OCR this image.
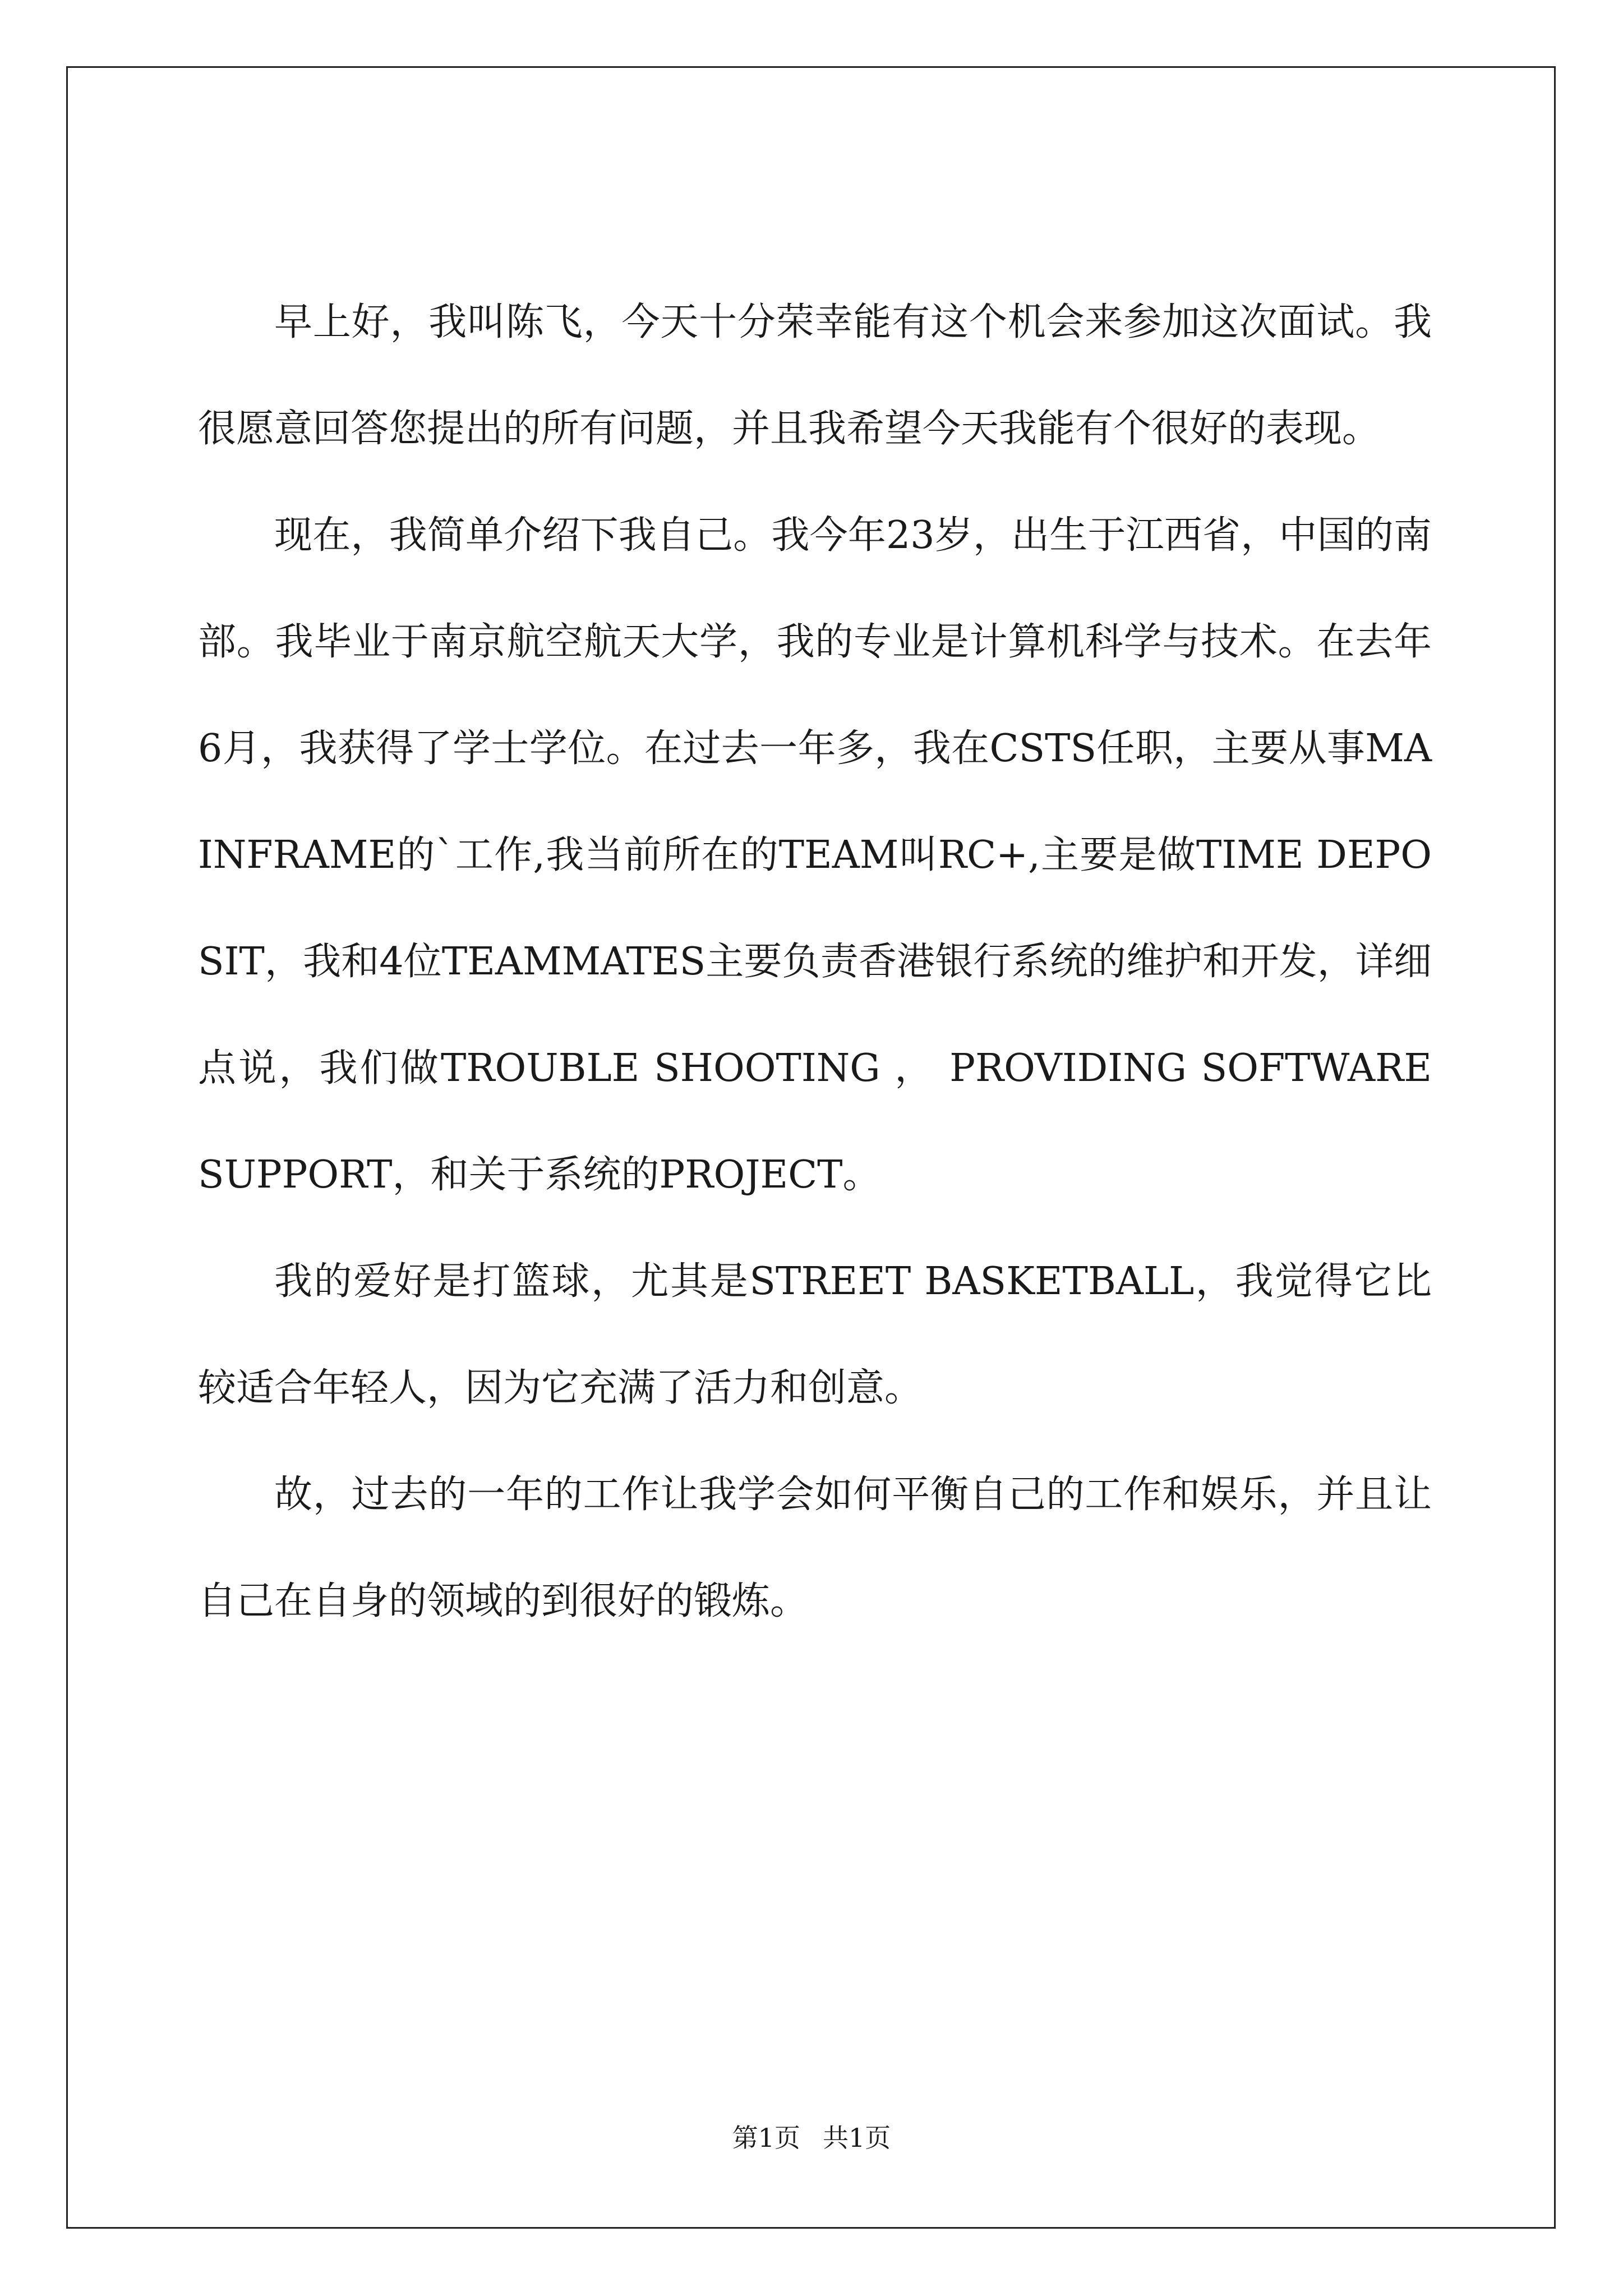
早上好，我叫陈飞，今天十分荣幸能有这个机会来参加这次面试。我很愿意回答您提出的所有问题，并且我希望今天我能有个很好的表现。

现在，我简单介绍下我自己。我今年23岁，出生于江西省，中国的南部。我毕业于南京航空航天大学，我的专业是计算机科学与技术。在去年6月，我获得了学士学位。在过去一年多，我在CSTS任职，主要从事MAINFRAME的`工作,我当前所在的TEAM叫RC+,主要是做TIME DEPOSIT，我和4位TEAMMATES主要负责香港银行系统的维护和开发，详细点说，我们做TROUBLE SHOOTING ， PROVIDING SOFTWARE SUPPORT，和关于系统的PROJECT。

我的爱好是打篮球，尤其是STREET BASKETBALL，我觉得它比较适合年轻人，因为它充满了活力和创意。

故，过去的一年的工作让我学会如何平衡自己的工作和娱乐，并且让自己在自身的领域的到很好的锻炼。

第1页 共1页
